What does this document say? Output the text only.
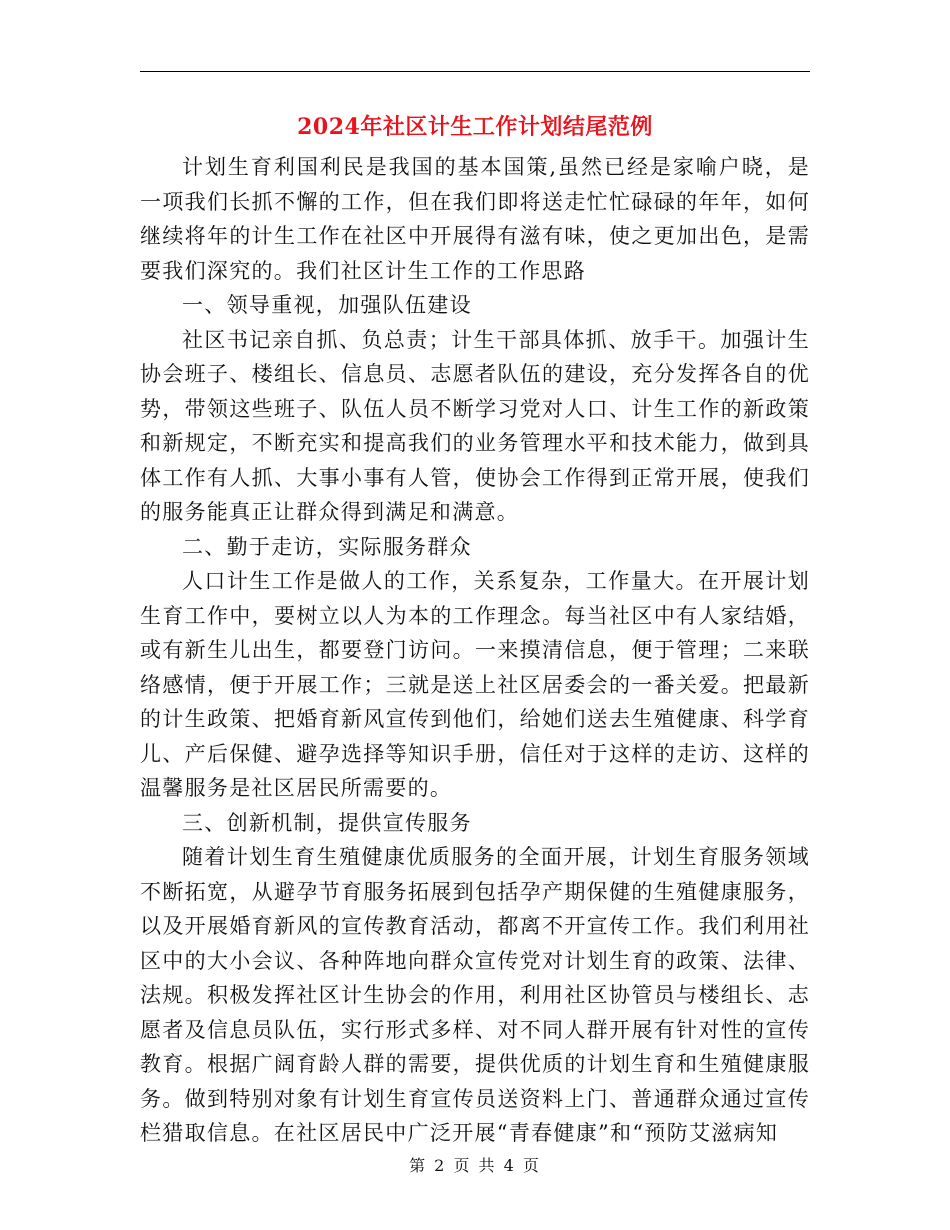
2024年社区计生工作计划结尾范例

计划生育利国利民是我国的基本国策,虽然已经是家喻户晓，是一项我们长抓不懈的工作，但在我们即将送走忙忙碌碌的年年，如何继续将年的计生工作在社区中开展得有滋有味，使之更加出色，是需要我们深究的。我们社区计生工作的工作思路

一、领导重视，加强队伍建设

社区书记亲自抓、负总责；计生干部具体抓、放手干。加强计生协会班子、楼组长、信息员、志愿者队伍的建设，充分发挥各自的优势，带领这些班子、队伍人员不断学习党对人口、计生工作的新政策和新规定，不断充实和提高我们的业务管理水平和技术能力，做到具体工作有人抓、大事小事有人管，使协会工作得到正常开展，使我们的服务能真正让群众得到满足和满意。

二、勤于走访，实际服务群众

人口计生工作是做人的工作，关系复杂，工作量大。在开展计划生育工作中，要树立以人为本的工作理念。每当社区中有人家结婚，或有新生儿出生，都要登门访问。一来摸清信息，便于管理；二来联络感情，便于开展工作；三就是送上社区居委会的一番关爱。把最新的计生政策、把婚育新风宣传到他们，给她们送去生殖健康、科学育儿、产后保健、避孕选择等知识手册，信任对于这样的走访、这样的温馨服务是社区居民所需要的。

三、创新机制，提供宣传服务

随着计划生育生殖健康优质服务的全面开展，计划生育服务领域不断拓宽，从避孕节育服务拓展到包括孕产期保健的生殖健康服务，以及开展婚育新风的宣传教育活动，都离不开宣传工作。我们利用社区中的大小会议、各种阵地向群众宣传党对计划生育的政策、法律、法规。积极发挥社区计生协会的作用，利用社区协管员与楼组长、志愿者及信息员队伍，实行形式多样、对不同人群开展有针对性的宣传教育。根据广阔育龄人群的需要，提供优质的计划生育和生殖健康服务。做到特别对象有计划生育宣传员送资料上门、普通群众通过宣传栏猎取信息。在社区居民中广泛开展“青春健康”和“预防艾滋病知

第 2 页 共 4 页
